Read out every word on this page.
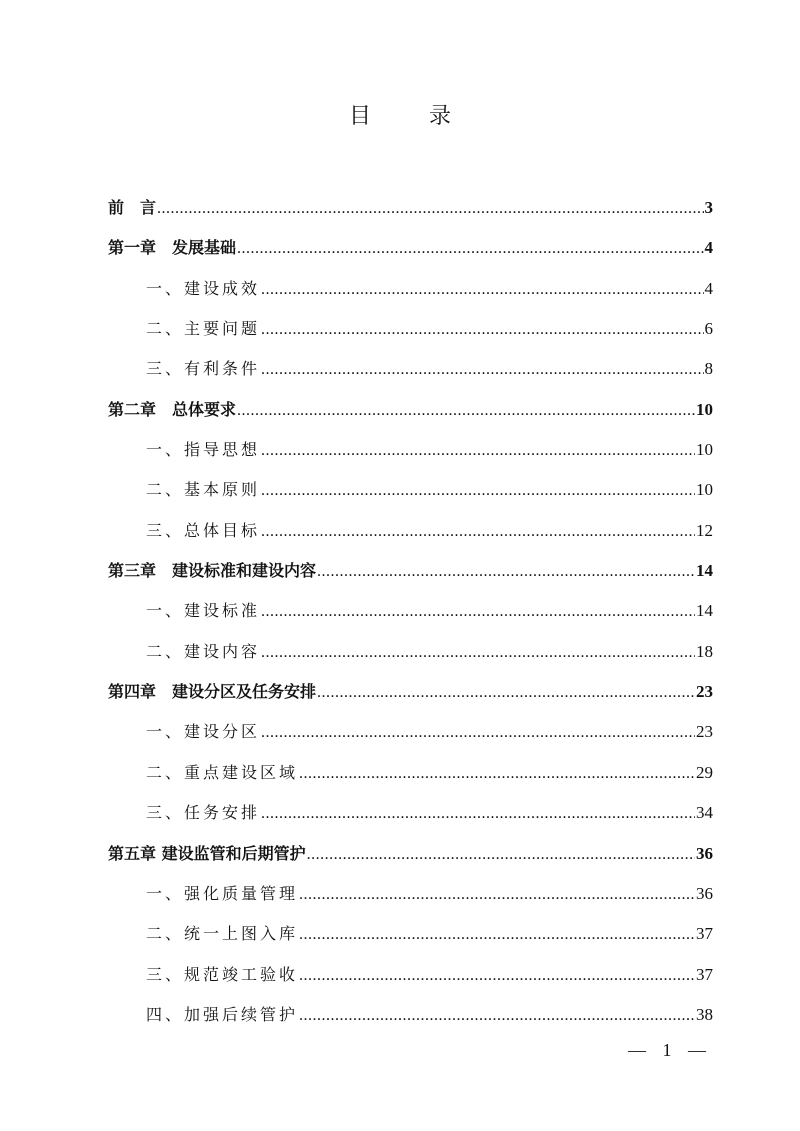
目　录
前　言 .....	3
第一章　发展基础 .....	4
一、建设成效 .....	4
二、主要问题 .....	6
三、有利条件 .....	8
第二章　总体要求 .....	10
一、指导思想 .....	10
二、基本原则 .....	10
三、总体目标 .....	12
第三章　建设标准和建设内容 .....	14
一、建设标准 .....	14
二、建设内容 .....	18
第四章　建设分区及任务安排 .....	23
一、建设分区 .....	23
二、重点建设区域 .....	29
三、任务安排 .....	34
第五章 建设监管和后期管护 .....	36
一、强化质量管理 .....	36
二、统一上图入库 .....	37
三、规范竣工验收 .....	37
四、加强后续管护 .....	38
— 1 —
